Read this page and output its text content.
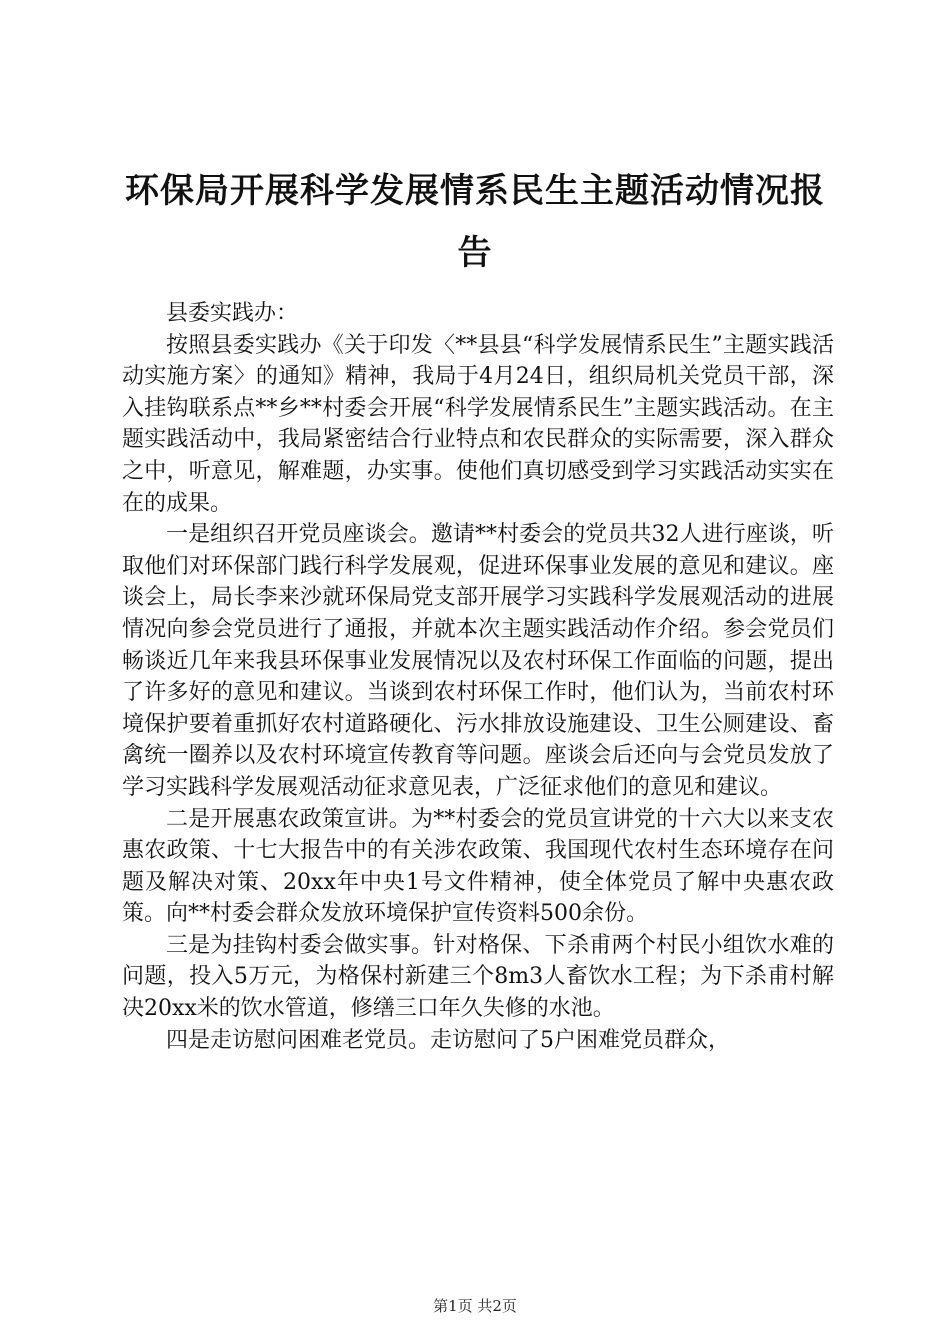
环保局开展科学发展情系民生主题活动情况报告

县委实践办：

按照县委实践办《关于印发〈**县县“科学发展情系民生”主题实践活动实施方案〉的通知》精神，我局于4月24日，组织局机关党员干部，深入挂钩联系点**乡**村委会开展“科学发展情系民生”主题实践活动。在主题实践活动中，我局紧密结合行业特点和农民群众的实际需要，深入群众之中，听意见，解难题，办实事。使他们真切感受到学习实践活动实实在在的成果。

一是组织召开党员座谈会。邀请**村委会的党员共32人进行座谈，听取他们对环保部门践行科学发展观，促进环保事业发展的意见和建议。座谈会上，局长李来沙就环保局党支部开展学习实践科学发展观活动的进展情况向参会党员进行了通报，并就本次主题实践活动作介绍。参会党员们畅谈近几年来我县环保事业发展情况以及农村环保工作面临的问题，提出了许多好的意见和建议。当谈到农村环保工作时，他们认为，当前农村环境保护要着重抓好农村道路硬化、污水排放设施建设、卫生公厕建设、畜禽统一圈养以及农村环境宣传教育等问题。座谈会后还向与会党员发放了学习实践科学发展观活动征求意见表，广泛征求他们的意见和建议。

二是开展惠农政策宣讲。为**村委会的党员宣讲党的十六大以来支农惠农政策、十七大报告中的有关涉农政策、我国现代农村生态环境存在问题及解决对策、20xx年中央1号文件精神，使全体党员了解中央惠农政策。向**村委会群众发放环境保护宣传资料500余份。

三是为挂钩村委会做实事。针对格保、下杀甫两个村民小组饮水难的问题，投入5万元，为格保村新建三个8m3人畜饮水工程；为下杀甫村解决20xx米的饮水管道，修缮三口年久失修的水池。

四是走访慰问困难老党员。走访慰问了5户困难党员群众，

第1页 共2页
